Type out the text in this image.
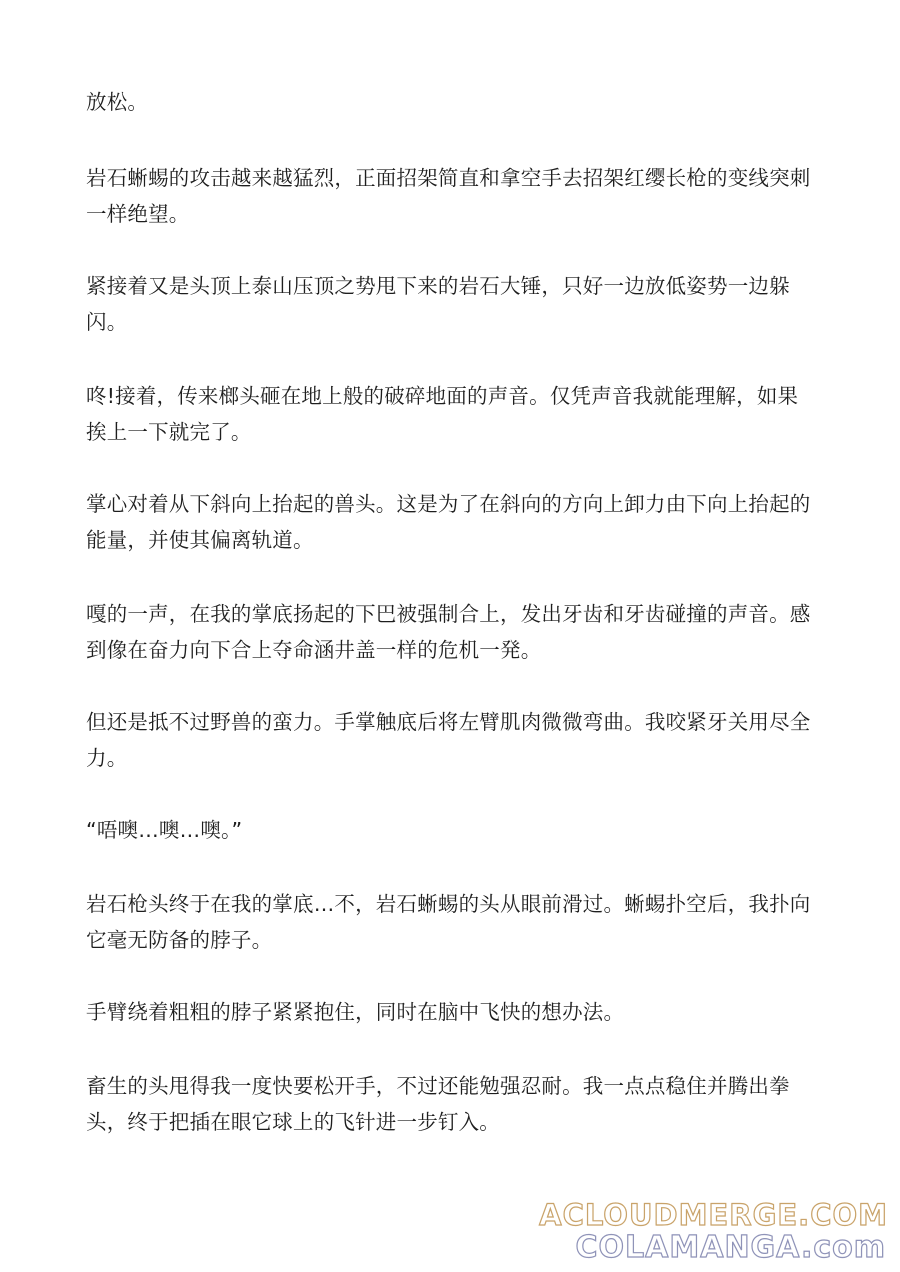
放松。

岩石蜥蜴的攻击越来越猛烈，正面招架简直和拿空手去招架红缨长枪的变线突刺一样绝望。

紧接着又是头顶上泰山压顶之势甩下来的岩石大锤，只好一边放低姿势一边躲闪。

咚!接着，传来榔头砸在地上般的破碎地面的声音。仅凭声音我就能理解，如果挨上一下就完了。

掌心对着从下斜向上抬起的兽头。这是为了在斜向的方向上卸力由下向上抬起的能量，并使其偏离轨道。

嘎的一声，在我的掌底扬起的下巴被强制合上，发出牙齿和牙齿碰撞的声音。感到像在奋力向下合上夺命涵井盖一样的危机一発。

但还是抵不过野兽的蛮力。手掌触底后将左臂肌肉微微弯曲。我咬紧牙关用尽全力。

“唔噢…噢…噢。”

岩石枪头终于在我的掌底…不，岩石蜥蜴的头从眼前滑过。蜥蜴扑空后，我扑向它毫无防备的脖子。

手臂绕着粗粗的脖子紧紧抱住，同时在脑中飞快的想办法。

畜生的头甩得我一度快要松开手，不过还能勉强忍耐。我一点点稳住并腾出拳头，终于把插在眼它球上的飞针进一步钉入。

ACLOUDMERGE.COM
COLAMANGA.com
